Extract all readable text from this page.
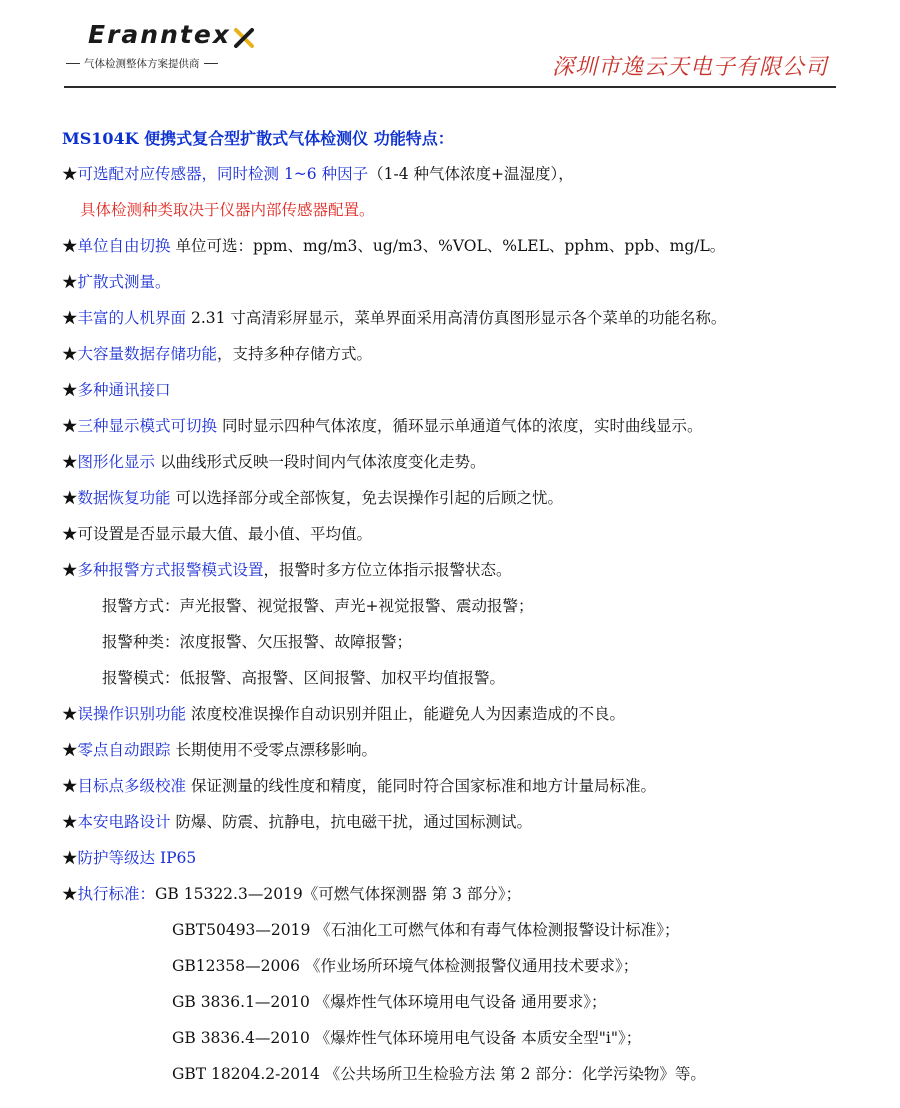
Eranntex
气体检测整体方案提供商	深圳市逸云天电子有限公司
MS104K 便携式复合型扩散式气体检测仪 功能特点：
★可选配对应传感器，同时检测 1~6 种因子（1-4 种气体浓度+温湿度），
具体检测种类取决于仪器内部传感器配置。
★单位自由切换 单位可选：ppm、mg/m3、ug/m3、%VOL、%LEL、pphm、ppb、mg/L。
★扩散式测量。
★丰富的人机界面 2.31 寸高清彩屏显示，菜单界面采用高清仿真图形显示各个菜单的功能名称。
★大容量数据存储功能，支持多种存储方式。
★多种通讯接口
★三种显示模式可切换 同时显示四种气体浓度，循环显示单通道气体的浓度，实时曲线显示。
★图形化显示 以曲线形式反映一段时间内气体浓度变化走势。
★数据恢复功能 可以选择部分或全部恢复，免去误操作引起的后顾之忧。
★可设置是否显示最大值、最小值、平均值。
★多种报警方式报警模式设置，报警时多方位立体指示报警状态。
报警方式：声光报警、视觉报警、声光+视觉报警、震动报警；
报警种类：浓度报警、欠压报警、故障报警；
报警模式：低报警、高报警、区间报警、加权平均值报警。
★误操作识别功能 浓度校准误操作自动识别并阻止，能避免人为因素造成的不良。
★零点自动跟踪 长期使用不受零点漂移影响。
★目标点多级校准 保证测量的线性度和精度，能同时符合国家标准和地方计量局标准。
★本安电路设计 防爆、防震、抗静电，抗电磁干扰，通过国标测试。
★防护等级达 IP65
★执行标准：GB 15322.3—2019《可燃气体探测器 第 3 部分》；
GBT50493—2019 《石油化工可燃气体和有毒气体检测报警设计标准》；
GB12358—2006 《作业场所环境气体检测报警仪通用技术要求》；
GB 3836.1—2010 《爆炸性气体环境用电气设备 通用要求》；
GB 3836.4—2010 《爆炸性气体环境用电气设备 本质安全型"i"》；
GBT 18204.2-2014 《公共场所卫生检验方法 第 2 部分：化学污染物》等。
